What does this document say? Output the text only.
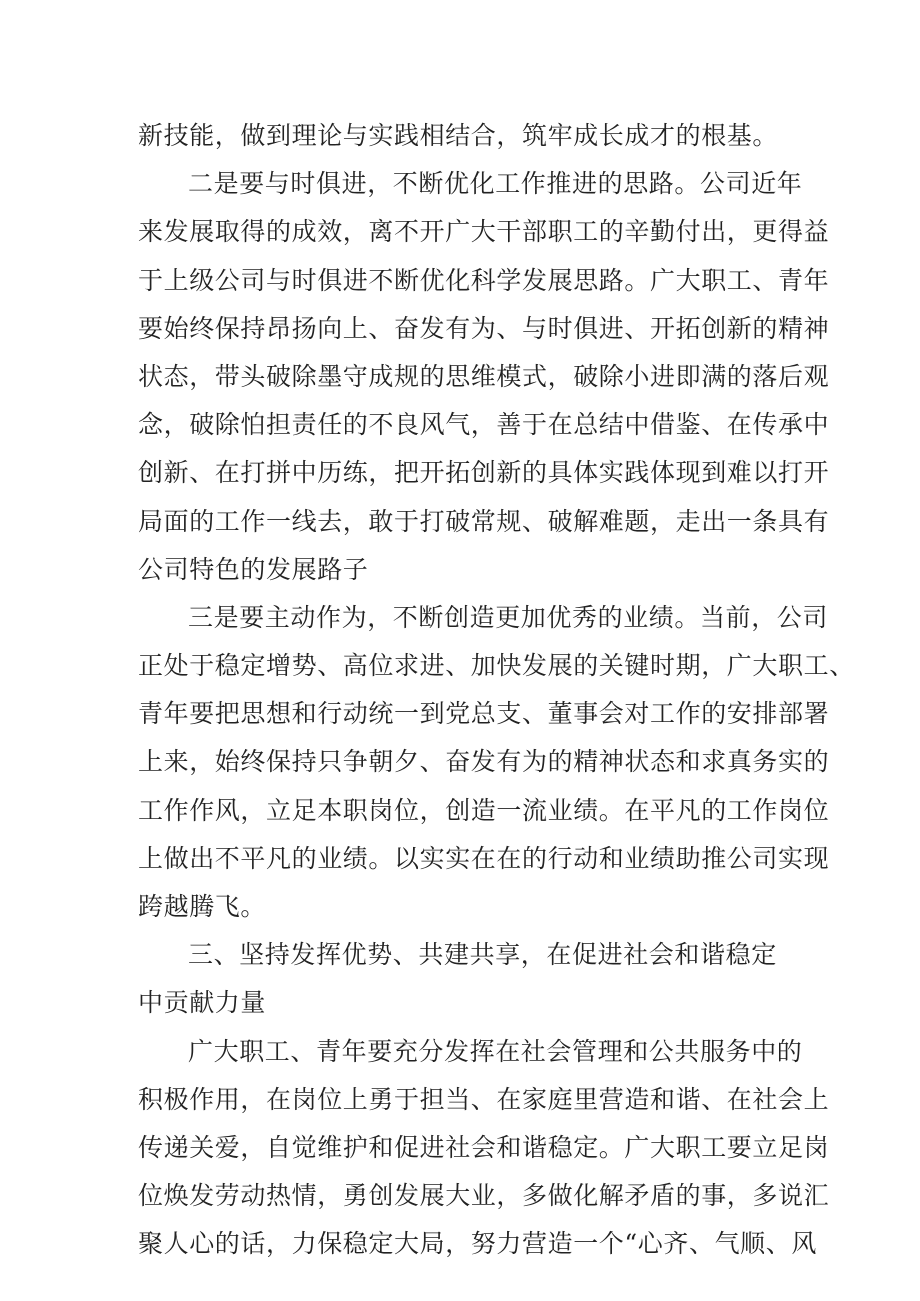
新技能，做到理论与实践相结合，筑牢成长成才的根基。
二是要与时俱进，不断优化工作推进的思路。公司近年
来发展取得的成效，离不开广大干部职工的辛勤付出，更得益
于上级公司与时俱进不断优化科学发展思路。广大职工、青年
要始终保持昂扬向上、奋发有为、与时俱进、开拓创新的精神
状态，带头破除墨守成规的思维模式，破除小进即满的落后观
念，破除怕担责任的不良风气，善于在总结中借鉴、在传承中
创新、在打拼中历练，把开拓创新的具体实践体现到难以打开
局面的工作一线去，敢于打破常规、破解难题，走出一条具有
公司特色的发展路子
三是要主动作为，不断创造更加优秀的业绩。当前，公司
正处于稳定增势、高位求进、加快发展的关键时期，广大职工、
青年要把思想和行动统一到党总支、董事会对工作的安排部署
上来，始终保持只争朝夕、奋发有为的精神状态和求真务实的
工作作风，立足本职岗位，创造一流业绩。在平凡的工作岗位
上做出不平凡的业绩。以实实在在的行动和业绩助推公司实现
跨越腾飞。
三、坚持发挥优势、共建共享，在促进社会和谐稳定
中贡献力量
广大职工、青年要充分发挥在社会管理和公共服务中的
积极作用，在岗位上勇于担当、在家庭里营造和谐、在社会上
传递关爱，自觉维护和促进社会和谐稳定。广大职工要立足岗
位焕发劳动热情，勇创发展大业，多做化解矛盾的事，多说汇
聚人心的话，力保稳定大局，努力营造一个“心齐、气顺、风
